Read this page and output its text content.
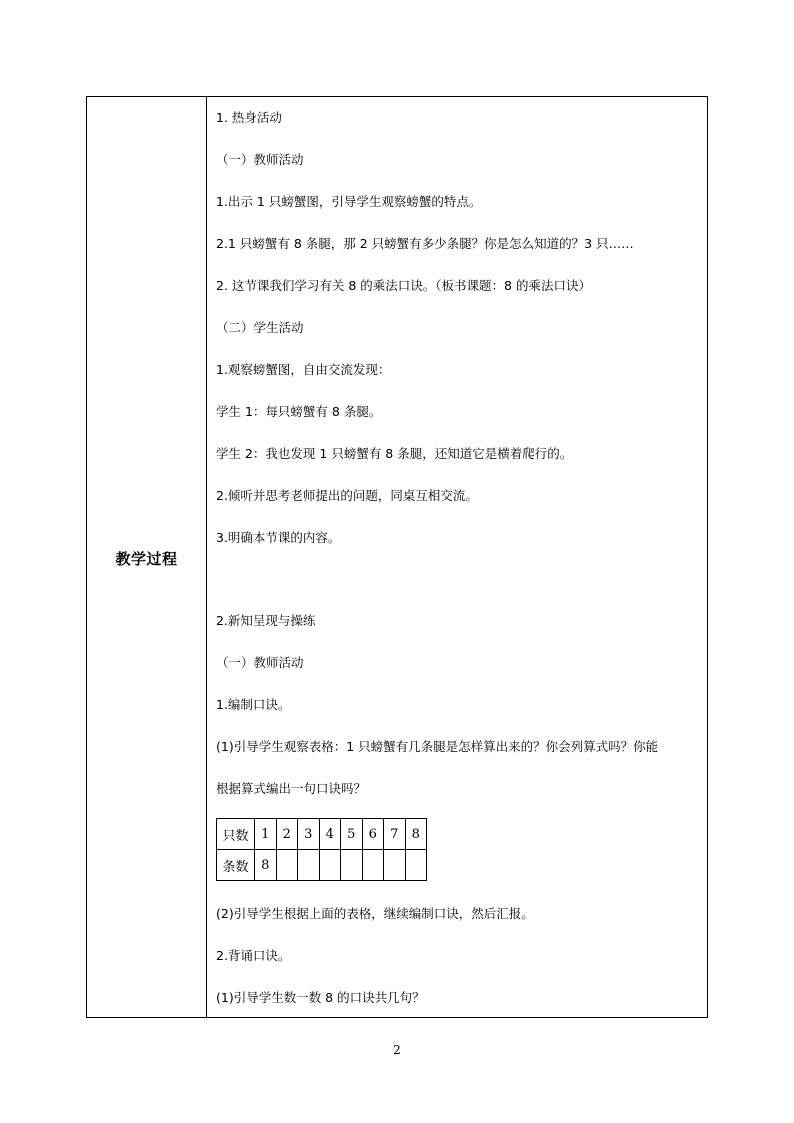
教学过程
1. 热身活动
（一）教师活动
1.出示 1 只螃蟹图，引导学生观察螃蟹的特点。
2.1 只螃蟹有 8 条腿，那 2 只螃蟹有多少条腿？你是怎么知道的？3 只……
2. 这节课我们学习有关 8 的乘法口诀。（板书课题：8 的乘法口诀）
（二）学生活动
1.观察螃蟹图，自由交流发现：
学生 1：每只螃蟹有 8 条腿。
学生 2：我也发现 1 只螃蟹有 8 条腿，还知道它是横着爬行的。
2.倾听并思考老师提出的问题，同桌互相交流。
3.明确本节课的内容。
2.新知呈现与操练
（一）教师活动
1.编制口诀。
(1)引导学生观察表格：1 只螃蟹有几条腿是怎样算出来的？你会列算式吗？你能
根据算式编出一句口诀吗？
只数	1	2	3	4	5	6	7	8
条数	8							
(2)引导学生根据上面的表格，继续编制口诀，然后汇报。
2.背诵口诀。
(1)引导学生数一数 8 的口诀共几句？
2
